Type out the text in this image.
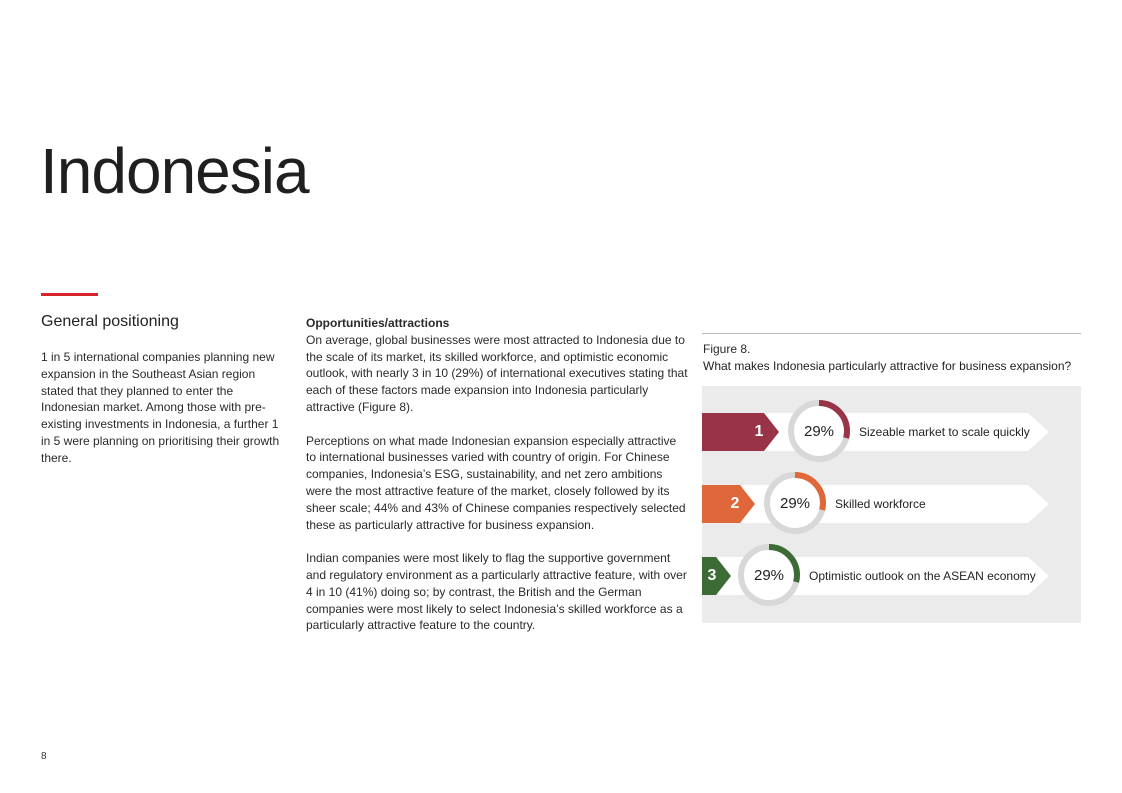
Indonesia
General positioning
1 in 5 international companies planning new expansion in the Southeast Asian region stated that they planned to enter the Indonesian market. Among those with pre-existing investments in Indonesia, a further 1 in 5 were planning on prioritising their growth there.

Opportunities/attractions

On average, global businesses were most attracted to Indonesia due to the scale of its market, its skilled workforce, and optimistic economic outlook, with nearly 3 in 10 (29%) of international executives stating that each of these factors made expansion into Indonesia particularly attractive (Figure 8).

Perceptions on what made Indonesian expansion especially attractive to international businesses varied with country of origin. For Chinese companies, Indonesia’s ESG, sustainability, and net zero ambitions were the most attractive feature of the market, closely followed by its sheer scale; 44% and 43% of Chinese companies respectively selected these as particularly attractive for business expansion.

Indian companies were most likely to flag the supportive government and regulatory environment as a particularly attractive feature, with over 4 in 10 (41%) doing so; by contrast, the British and the German companies were most likely to select Indonesia’s skilled workforce as a particularly attractive feature to the country.

Figure 8.
What makes Indonesia particularly attractive for business expansion?
1	29%	Sizeable market to scale quickly
2	29%	Skilled workforce
3	29%	Optimistic outlook on the ASEAN economy
8
